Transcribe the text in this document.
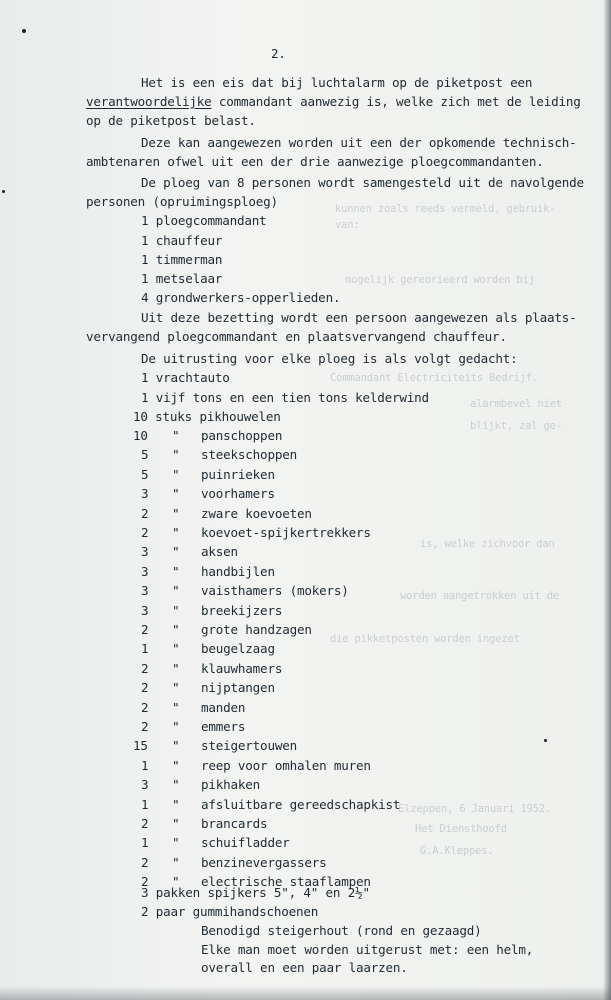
kunnen zoals reeds vermeld, gebruik-
van:
mogelijk gereorieerd worden bij
Commandant Electriciteits Bedrijf.
alarmbevel niet
blijkt, zal ge-
is, welke zichvoor dan
worden aangetrokken uit de
die pikketposten worden ingezet
Elzeppen, 6 Januari 1952.
Het Diensthoofd
G.A.Kleppes.
2.
Het is een eis dat bij luchtalarm op de piketpost een
verantwoordelijke commandant aanwezig is, welke zich met de leiding
op de piketpost belast.
Deze kan aangewezen worden uit een der opkomende technisch-
ambtenaren ofwel uit een der drie aanwezige ploegcommandanten.
De ploeg van 8 personen wordt samengesteld uit de navolgende
personen (opruimingsploeg)
1 ploegcommandant
1 chauffeur
1 timmerman
1 metselaar
4 grondwerkers-opperlieden.
Uit deze bezetting wordt een persoon aangewezen als plaats-
vervangend ploegcommandant en plaatsvervangend chauffeur.
De uitrusting voor elke ploeg is als volgt gedacht:
1 vrachtauto
1 vijf tons en een tien tons kelderwind
10 stuks pikhouwelen
10 " panschoppen
5 " steekschoppen
5 " puinrieken
3 " voorhamers
2 " zware koevoeten
2 " koevoet-spijkertrekkers
3 " aksen
3 " handbijlen
3 " vaisthamers (mokers)
3 " breekijzers
2 " grote handzagen
1 " beugelzaag
2 " klauwhamers
2 " nijptangen
2 " manden
2 " emmers
15 " steigertouwen
1 " reep voor omhalen muren
3 " pikhaken
1 " afsluitbare gereedschapkist
2 " brancards
1 " schuifladder
2 " benzinevergassers
2 " electrische staaflampen
3 pakken spijkers 5", 4" en 2½"
2 paar gummihandschoenen
Benodigd steigerhout (rond en gezaagd)
Elke man moet worden uitgerust met: een helm,
overall en een paar laarzen.
